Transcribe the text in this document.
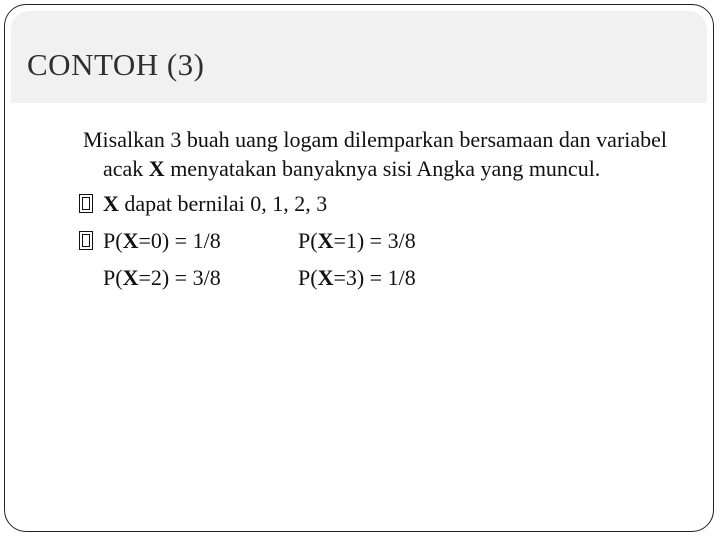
CONTOH (3)
Misalkan 3 buah uang logam dilemparkan bersamaan dan variabel acak X menyatakan banyaknya sisi Angka yang muncul.
X dapat bernilai 0, 1, 2, 3
P(X=0) = 1/8	P(X=1) = 3/8
P(X=2) = 3/8	P(X=3) = 1/8
